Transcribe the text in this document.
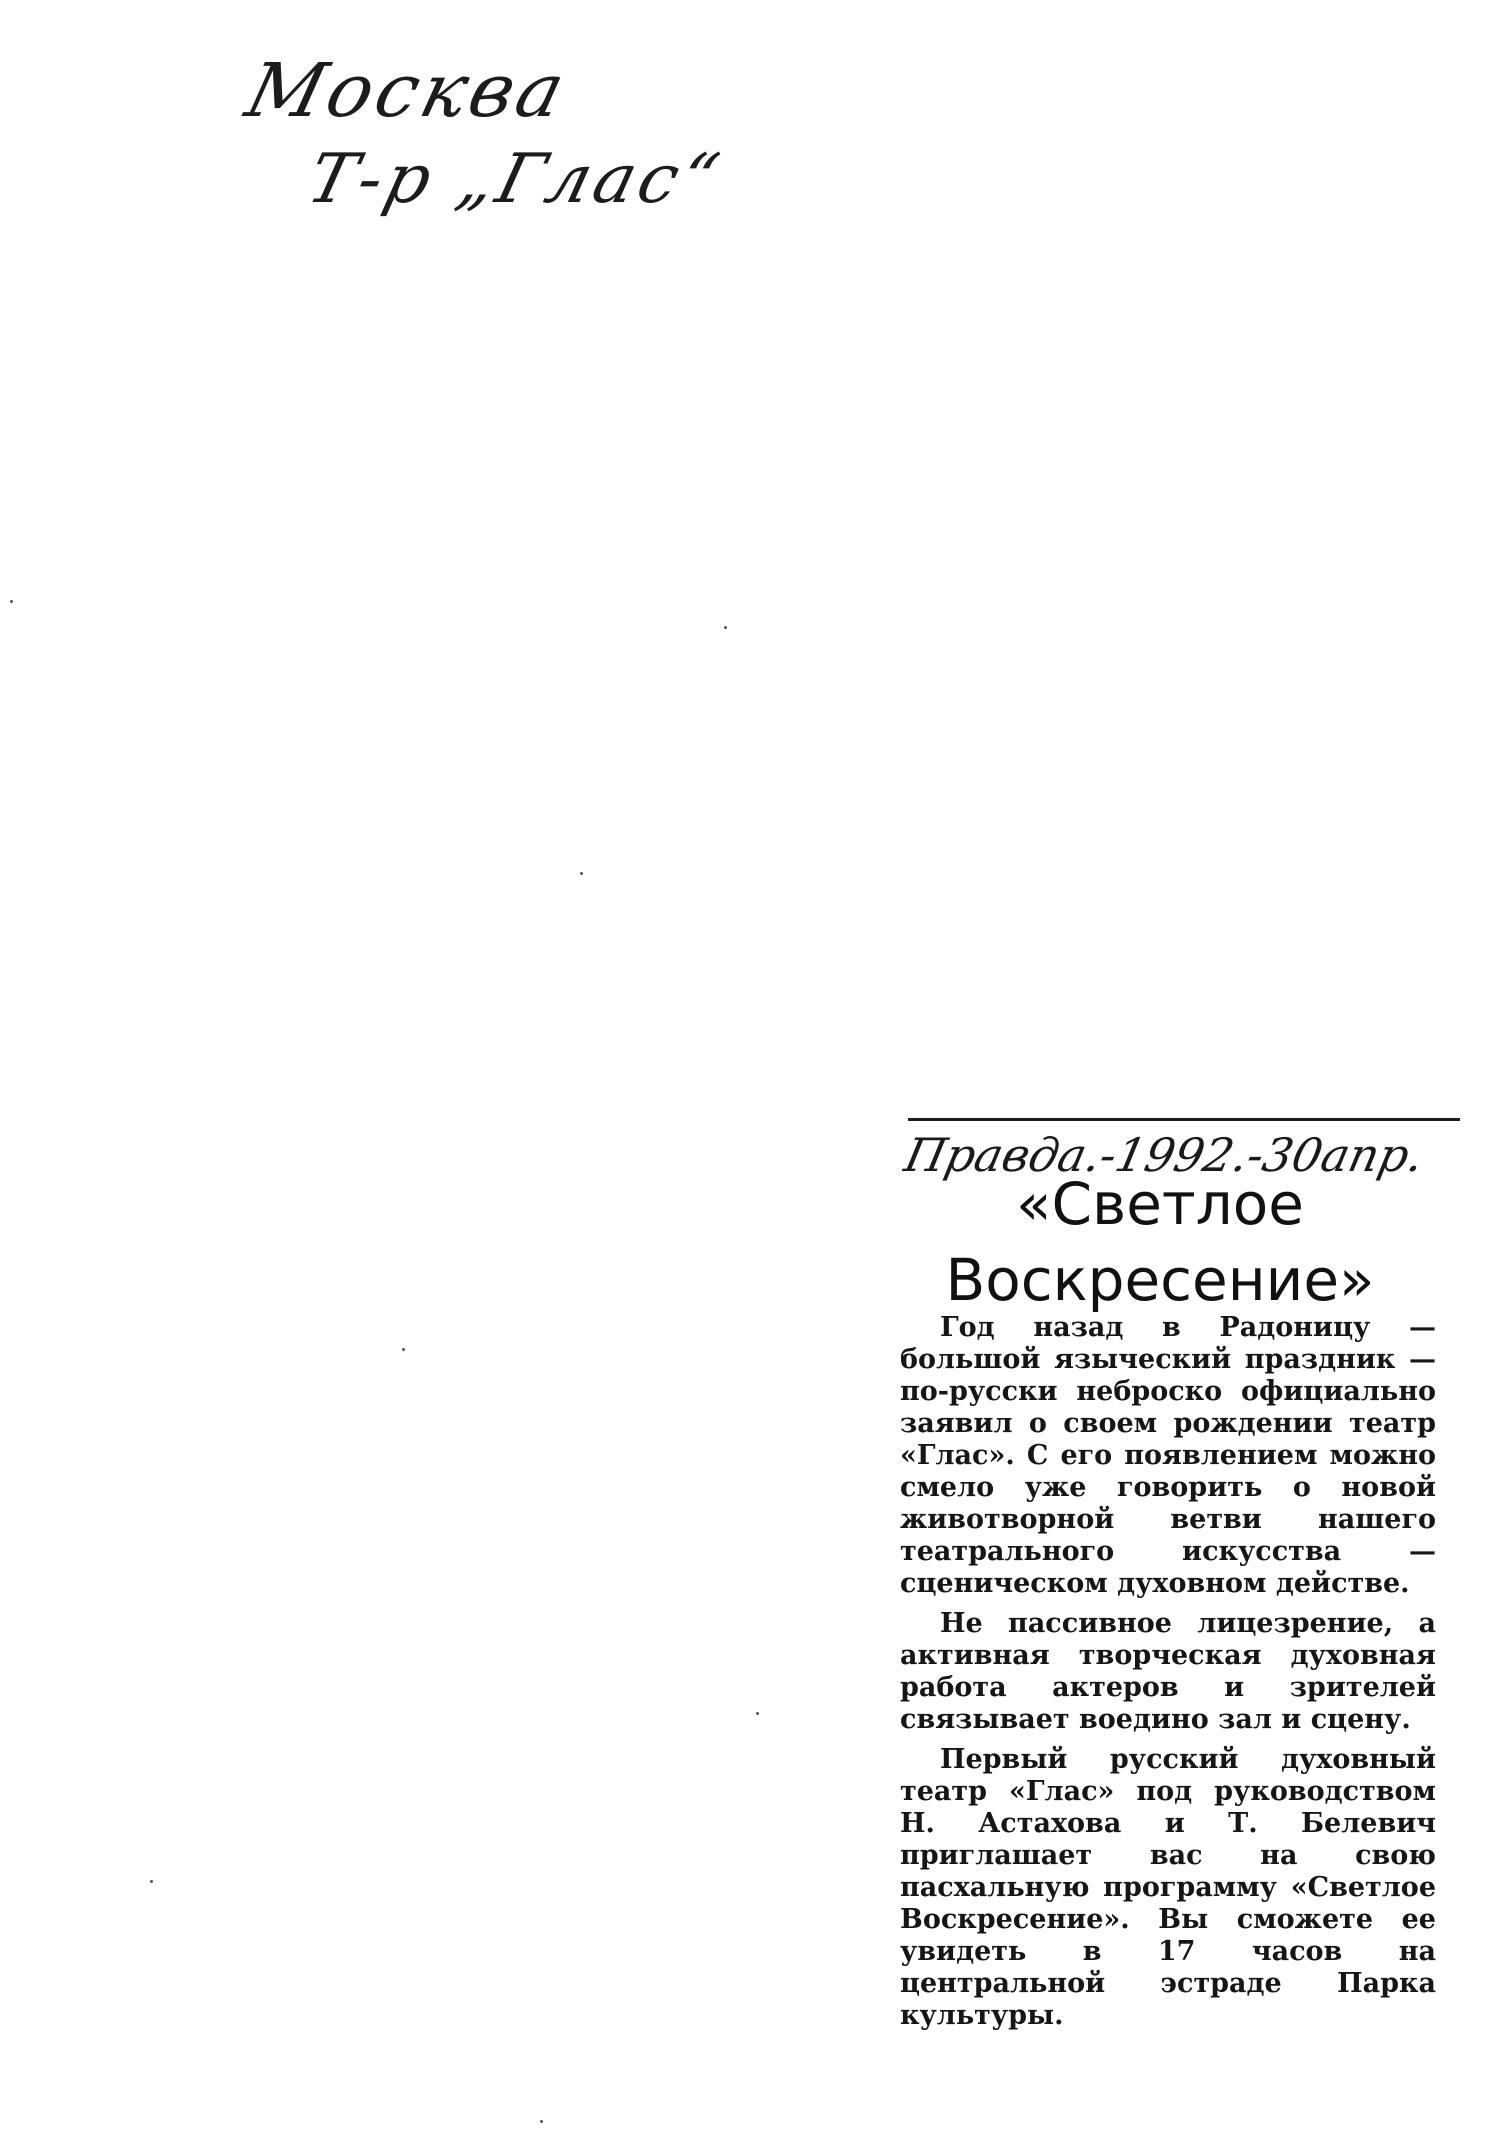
Москва
Т-р „Глас“
Правда.-1992.-30апр.
«Светлое
Воскресение»

Год назад в Радоницу — большой языческий праздник — по-русски неброско официально заявил о своем рождении театр «Глас». С его появлением можно смело уже говорить о новой животворной ветви нашего театрального искусства — сценическом духовном действе.

Не пассивное лицезрение, а активная творческая духовная работа актеров и зрителей связывает воедино зал и сцену.

Первый русский духовный театр «Глас» под руководством Н. Астахова и Т. Белевич приглашает вас на свою пасхальную программу «Светлое Воскресение». Вы сможете ее увидеть в 17 часов на центральной эстраде Парка культуры.
